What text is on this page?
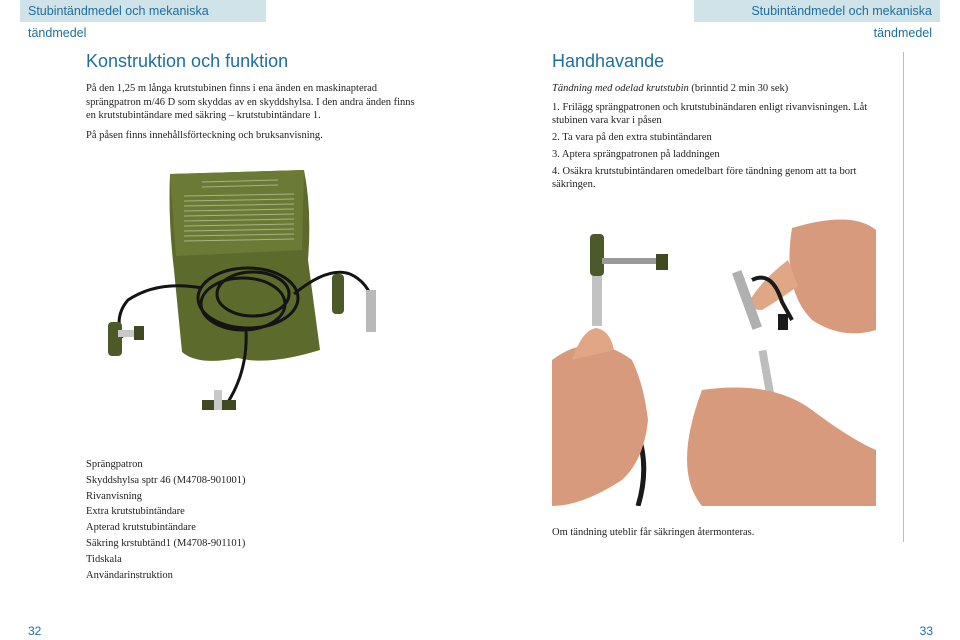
Stubintändmedel och mekaniska tändmedel
Stubintändmedel och mekaniska tändmedel
Konstruktion och funktion

På den 1,25 m långa krutstubinen finns i ena änden en maskinapterad sprängpatron m/46 D som skyddas av en skyddshylsa. I den andra änden finns en krutstubintändare med säkring – krutstubintändare 1.

På påsen finns innehållsförteckning och bruksanvisning.

Sprängpatron
Skyddshylsa sptr 46 (M4708-901001)
Rivanvisning
Extra krutstubintändare
Apterad krutstubintändare
Säkring krstubtänd1 (M4708-901101)
Tidskala
Användarinstruktion
32
Handhavande

Tändning med odelad krutstubin (brinntid 2 min 30 sek)

1. Frilägg sprängpatronen och krutstubinändaren enligt rivanvisningen. Låt stubinen vara kvar i påsen
2. Ta vara på den extra stubintändaren
3. Aptera sprängpatronen på laddningen
4. Osäkra krutstubintändaren omedelbart före tändning genom att ta bort säkringen.
Om tändning uteblir får säkringen återmonteras.
33
